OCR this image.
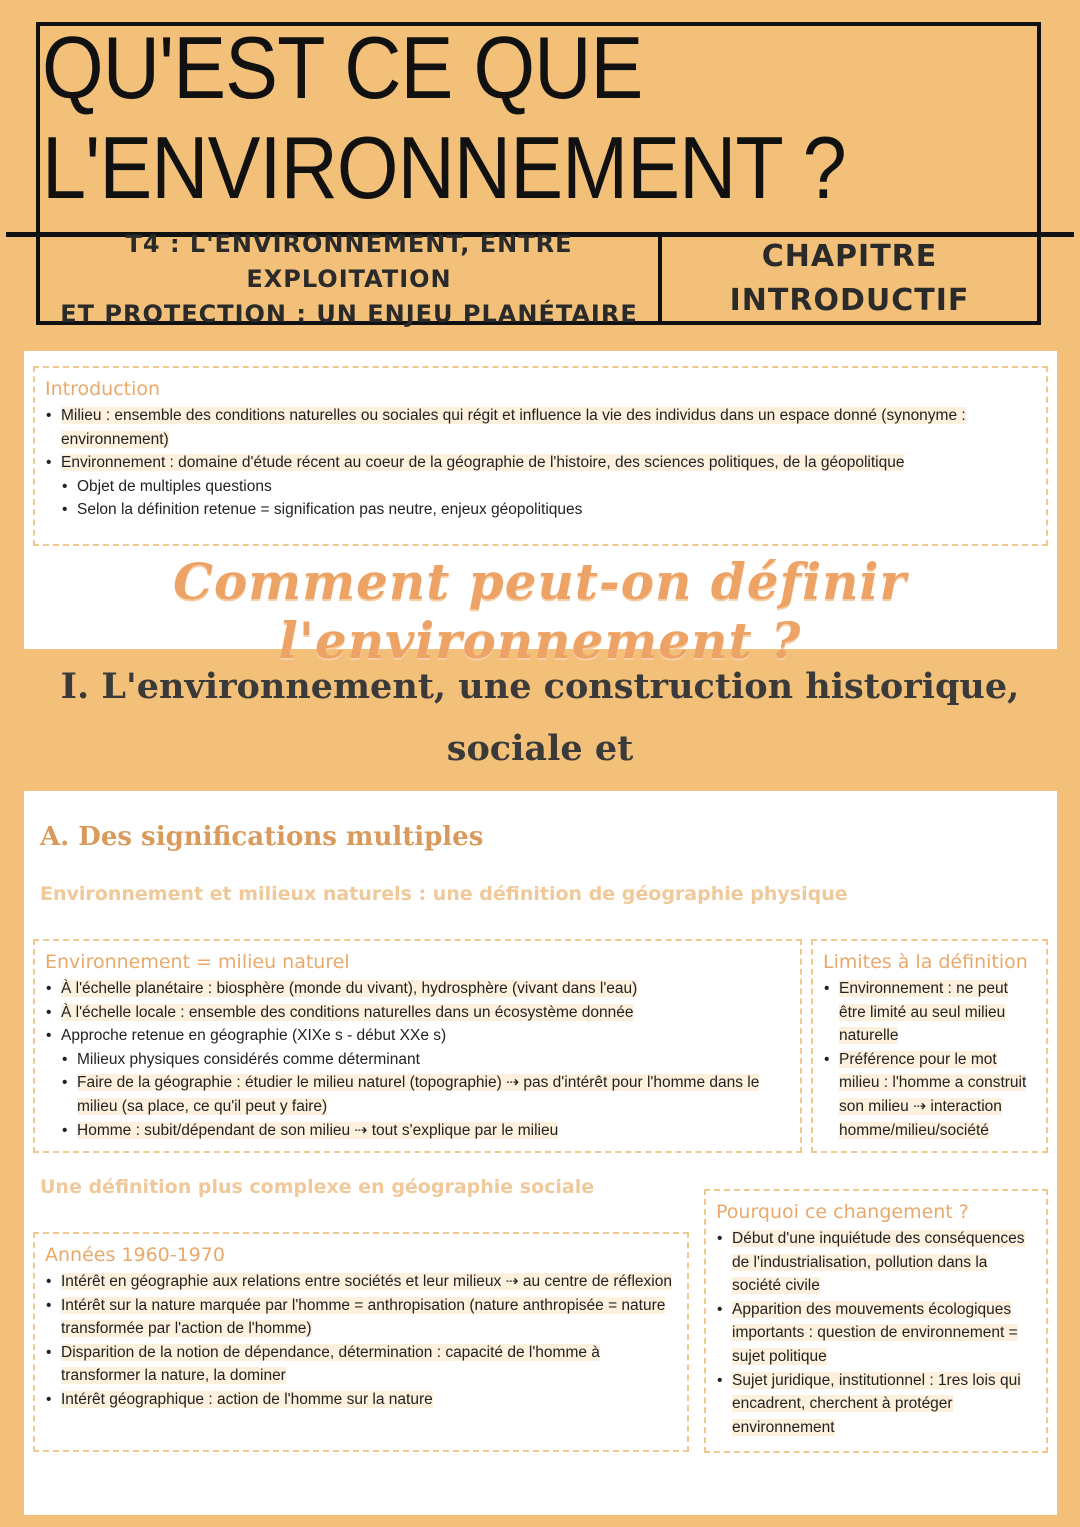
QU'EST CE QUE
L'ENVIRONNEMENT ?
T4 : L'ENVIRONNEMENT, ENTRE EXPLOITATION
ET PROTECTION : UN ENJEU PLANÉTAIRE
CHAPITRE
INTRODUCTIF
Introduction
• Milieu : ensemble des conditions naturelles ou sociales qui régit et influence la vie des individus dans un espace donné (synonyme : environnement)
• Environnement : domaine d'étude récent au coeur de la géographie de l'histoire, des sciences politiques, de la géopolitique
• Objet de multiples questions
• Selon la définition retenue = signification pas neutre, enjeux géopolitiques
Comment peut-on définir l'environnement ?
I. L'environnement, une construction historique, sociale et
A. Des significations multiples
Environnement et milieux naturels : une définition de géographie physique
Environnement = milieu naturel
• À l'échelle planétaire : biosphère (monde du vivant), hydrosphère (vivant dans l'eau)
• À l'échelle locale : ensemble des conditions naturelles dans un écosystème donnée
• Approche retenue en géographie (XIXe s - début XXe s)
• Milieux physiques considérés comme déterminant
• Faire de la géographie : étudier le milieu naturel (topographie) ⇢ pas d'intérêt pour l'homme dans le milieu (sa place, ce qu'il peut y faire)
• Homme : subit/dépendant de son milieu ⇢ tout s'explique par le milieu
Limites à la définition
• Environnement : ne peut être limité au seul milieu naturelle
• Préférence pour le mot milieu : l'homme a construit son milieu ⇢ interaction homme/milieu/société
Une définition plus complexe en géographie sociale
Années 1960-1970
• Intérêt en géographie aux relations entre sociétés et leur milieux ⇢ au centre de réflexion
• Intérêt sur la nature marquée par l'homme = anthropisation (nature anthropisée = nature transformée par l'action de l'homme)
• Disparition de la notion de dépendance, détermination : capacité de l'homme à transformer la nature, la dominer
• Intérêt géographique : action de l'homme sur la nature
Pourquoi ce changement ?
• Début d'une inquiétude des conséquences de l'industrialisation, pollution dans la société civile
• Apparition des mouvements écologiques importants : question de environnement = sujet politique
• Sujet juridique, institutionnel : 1res lois qui encadrent, cherchent à protéger environnement
